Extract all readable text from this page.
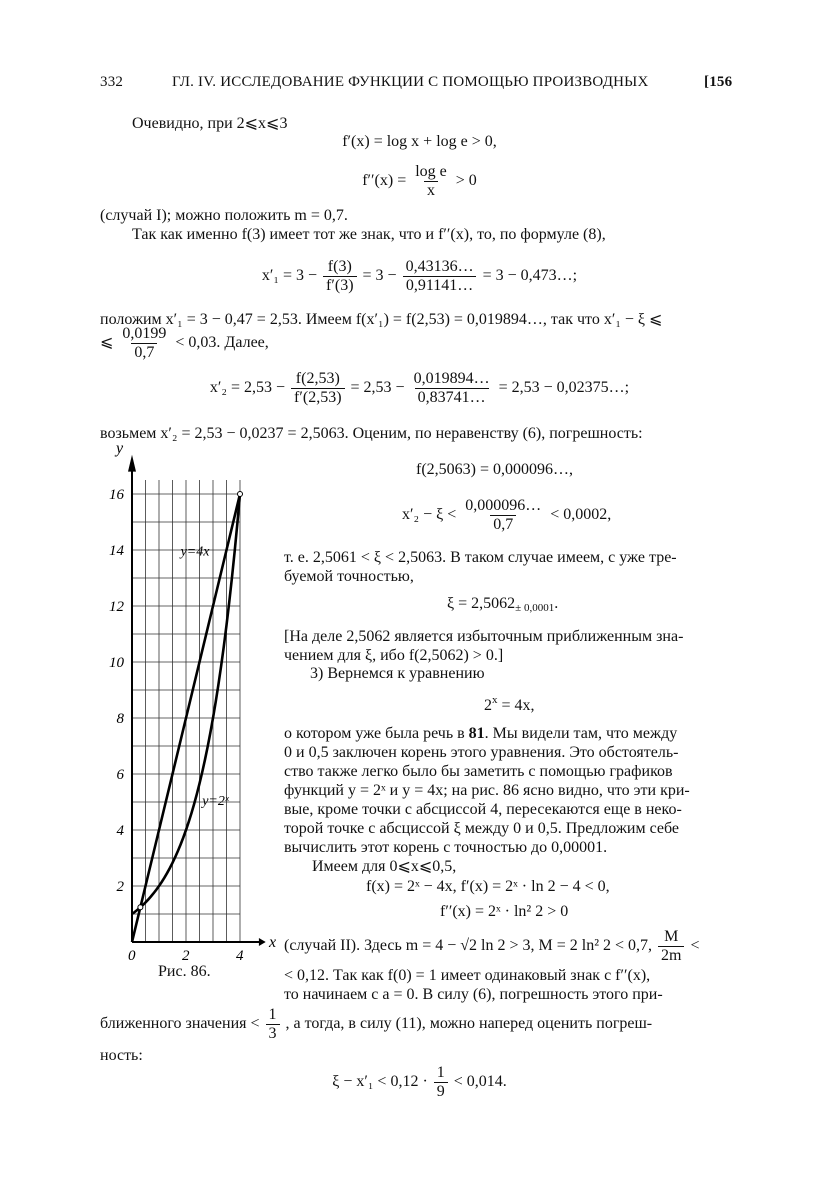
332	ГЛ. IV. ИССЛЕДОВАНИЕ ФУНКЦИИ С ПОМОЩЬЮ ПРОИЗВОДНЫХ	[156
Очевидно, при 2⩽x⩽3
f′(x) = log x + log e > 0,
$f''(x) = \frac{\text{log e}}{x} > 0$
(случай I); можно положить m = 0,7.
Так как именно f(3) имеет тот же знак, что и f′′(x), то, по формуле (8),
$x'_1 = 3 - \frac{f(3)}{f'(3)} = 3 - \frac{0,43136\dots}{0,91141\dots} = 3$ − 0,473…;
положим x′₁ = 3 − 0,47 = 2,53. Имеем f(x′₁) = f(2,53) = 0,019894…, так что x′₁ − ξ ⩽
⩽ $\frac{0,0199}{0,7} < 0,03$. Далее,
$x'_2 = 2,53 - \frac{f(2,53)}{f'(2,53)} = 2,53 - \frac{0,019894\dots}{0,83741\dots} = 2,53$ − 0,02375…;
возьмем x′₂ = 2,53 − 0,0237 = 2,5063. Оценим, по неравенству (6), погрешность:
f(2,5063) = 0,000096…,
$x'_2 - \xi < \frac{0,000096\dots}{0,7} < 0,0002$,
т. е. 2,5061 < ξ < 2,5063. В таком случае имеем, с уже тре-
буемой точностью,
$\xi = 2,5062_{\pm 0,0001}$.
[На деле 2,5062 является избыточным приближенным зна-
чением для ξ, ибо f(2,5062) > 0.]
3) Вернемся к уравнению
$2^x = 4x$,
о котором уже была речь в 81. Мы видели там, что между
0 и 0,5 заключен корень этого уравнения. Это обстоятель-
ство также легко было бы заметить с помощью графиков
функций y = 2ˣ и y = 4x; на рис. 86 ясно видно, что эти кри-
вые, кроме точки с абсциссой 4, пересекаются еще в неко-
торой точке с абсциссой ξ между 0 и 0,5. Предложим себе
вычислить этот корень с точностью до 0,00001.
Имеем для 0⩽x⩽0,5,
f(x) = 2ˣ − 4x, f′(x) = 2ˣ · ln 2 − 4 < 0,
f′′(x) = 2ˣ · ln² 2 > 0
(случай II). Здесь m = 4 − √2 ln 2 > 3, M = 2 ln² 2 < 0,7, $\frac{M}{2m}$ <
< 0,12. Так как f(0) = 1 имеет одинаковый знак с f′′(x),
то начинаем с a = 0. В силу (6), погрешность этого при-
ближенного значения < $\frac{1}{3}$ , а тогда, в силу (11), можно наперед оценить погреш-
ность:
$\xi - x'_1 < 0,12 \cdot \frac{1}{9} < 0,014$.
2
4
6
8
10
12
14
16
0	2	4
y
x
y=4x
y=2ˣ
Рис. 86.
